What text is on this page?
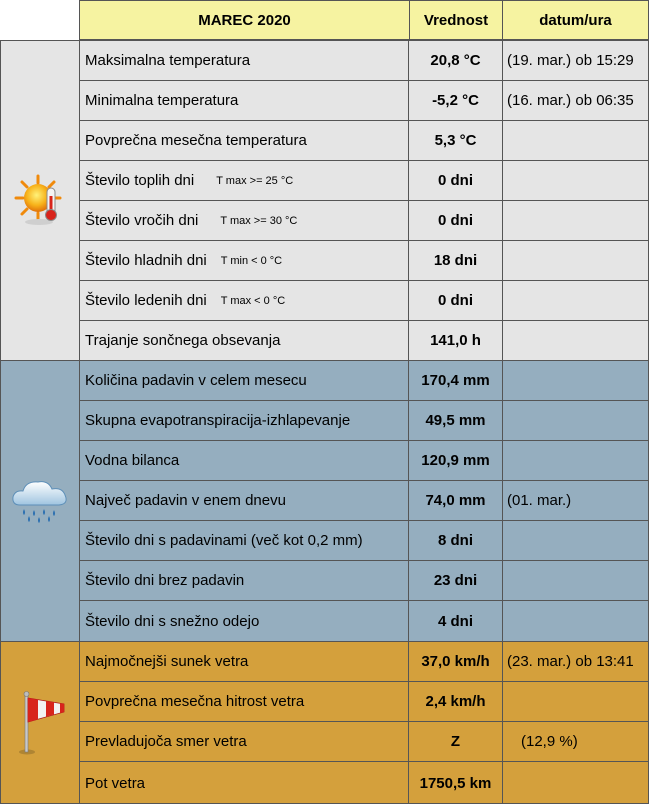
MAREC 2020	Vrednost	datum/ura
Maksimalna temperatura	20,8 °C	(19. mar.) ob 15:29
Minimalna temperatura	-5,2 °C	(16. mar.) ob 06:35
Povprečna mesečna temperatura	5,3 °C
Število toplih dni T max >= 25 °C	0 dni
Število vročih dni T max >= 30 °C	0 dni
Število hladnih dni T min < 0 °C	18 dni
Število ledenih dni T max < 0 °C	0 dni
Trajanje sončnega obsevanja	141,0 h
Količina padavin v celem mesecu	170,4 mm
Skupna evapotranspiracija-izhlapevanje	49,5 mm
Vodna bilanca	120,9 mm
Največ padavin v enem dnevu	74,0 mm	(01. mar.)
Število dni s padavinami (več kot 0,2 mm)	8 dni
Število dni brez padavin	23 dni
Število dni s snežno odejo	4 dni
Najmočnejši sunek vetra	37,0 km/h	(23. mar.) ob 13:41
Povprečna mesečna hitrost vetra	2,4 km/h
Prevladujoča smer vetra	Z	(12,9 %)
Pot vetra	1750,5 km
